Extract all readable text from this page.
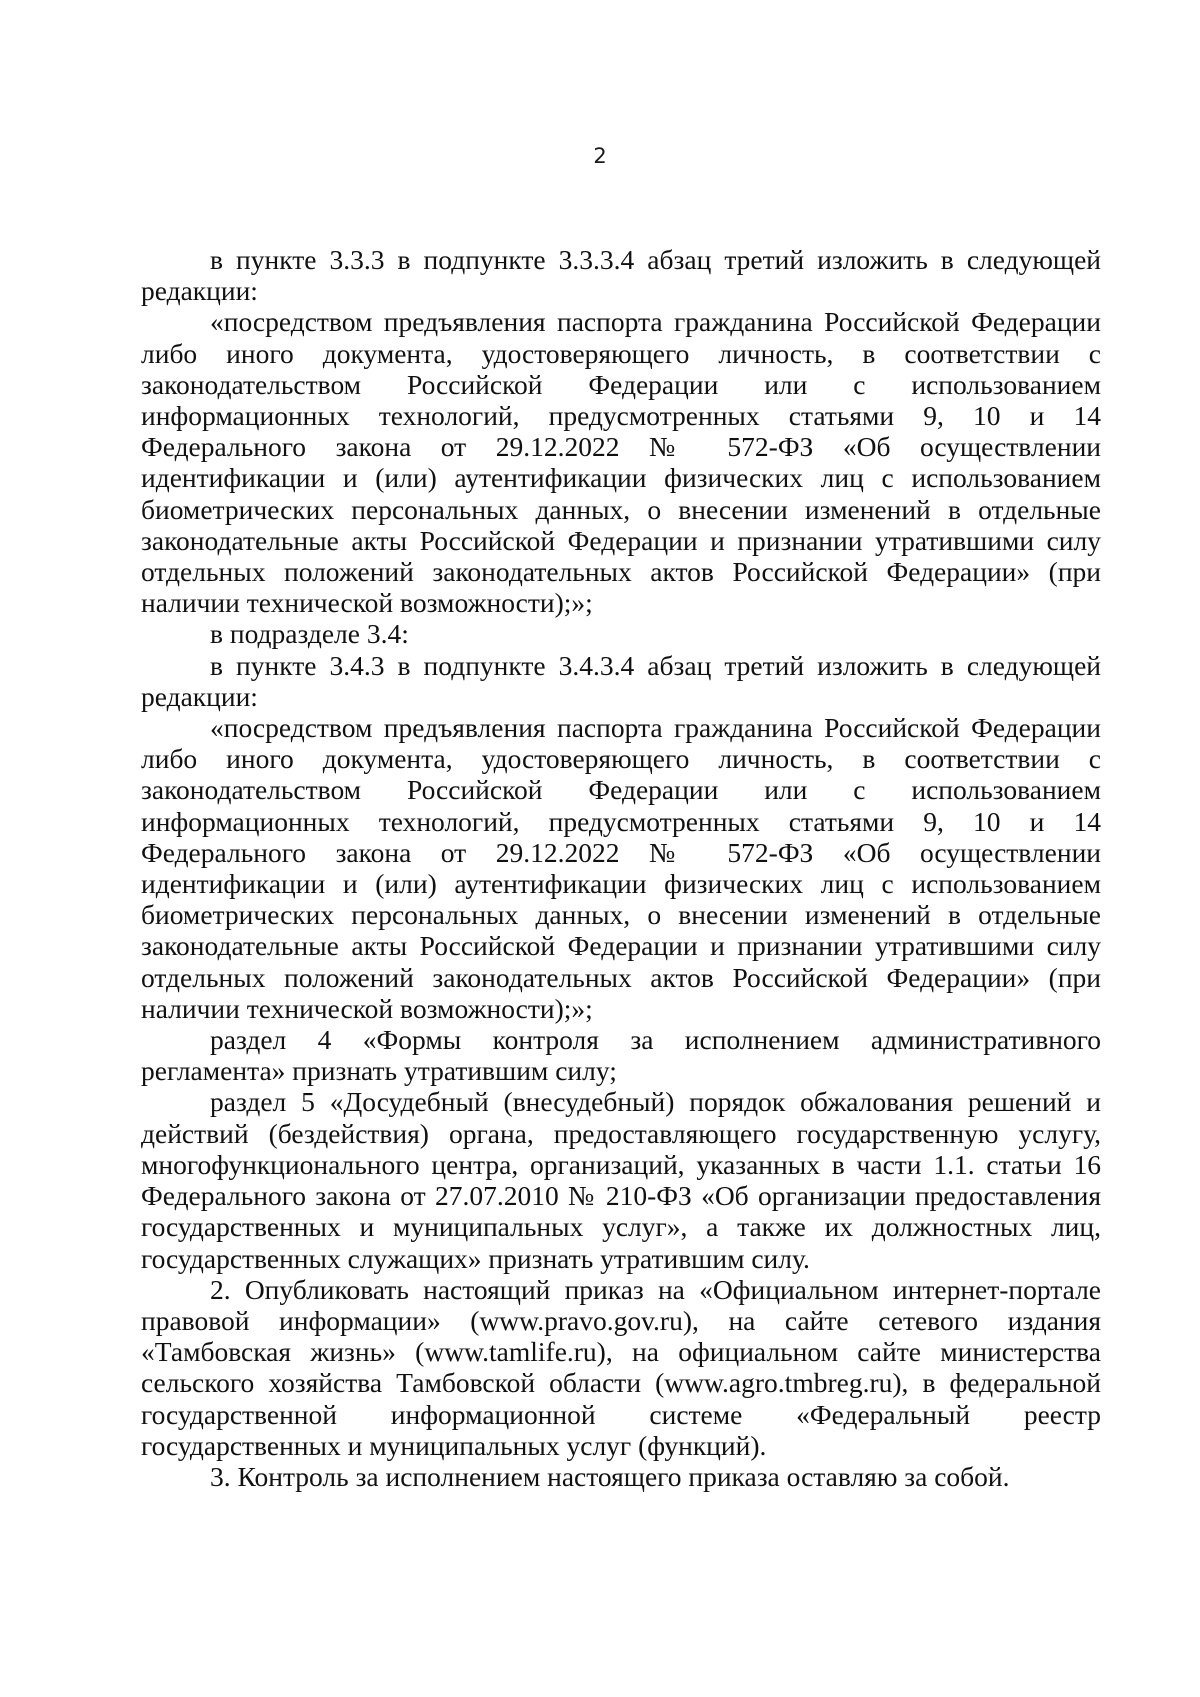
2

в пункте 3.3.3 в подпункте 3.3.3.4 абзац третий изложить в следующей редакции:

«посредством предъявления паспорта гражданина Российской Федерации либо иного документа, удостоверяющего личность, в соответствии с законодательством Российской Федерации или с использованием информационных технологий, предусмотренных статьями 9, 10 и 14 Федерального закона от 29.12.2022 № 572-ФЗ «Об осуществлении идентификации и (или) аутентификации физических лиц с использованием биометрических персональных данных, о внесении изменений в отдельные законодательные акты Российской Федерации и признании утратившими силу отдельных положений законодательных актов Российской Федерации» (при наличии технической возможности);»;

в подразделе 3.4:

в пункте 3.4.3 в подпункте 3.4.3.4 абзац третий изложить в следующей редакции:

«посредством предъявления паспорта гражданина Российской Федерации либо иного документа, удостоверяющего личность, в соответствии с законодательством Российской Федерации или с использованием информационных технологий, предусмотренных статьями 9, 10 и 14 Федерального закона от 29.12.2022 № 572-ФЗ «Об осуществлении идентификации и (или) аутентификации физических лиц с использованием биометрических персональных данных, о внесении изменений в отдельные законодательные акты Российской Федерации и признании утратившими силу отдельных положений законодательных актов Российской Федерации» (при наличии технической возможности);»;

раздел 4 «Формы контроля за исполнением административного регламента» признать утратившим силу;

раздел 5 «Досудебный (внесудебный) порядок обжалования решений и действий (бездействия) органа, предоставляющего государственную услугу, многофункционального центра, организаций, указанных в части 1.1. статьи 16 Федерального закона от 27.07.2010 № 210-ФЗ «Об организации предоставления государственных и муниципальных услуг», а также их должностных лиц, государственных служащих» признать утратившим силу.

2. Опубликовать настоящий приказ на «Официальном интернет-портале правовой информации» (www.pravo.gov.ru), на сайте сетевого издания «Тамбовская жизнь» (www.tamlife.ru), на официальном сайте министерства сельского хозяйства Тамбовской области (www.agro.tmbreg.ru), в федеральной государственной информационной системе «Федеральный реестр государственных и муниципальных услуг (функций).

3. Контроль за исполнением настоящего приказа оставляю за собой.
